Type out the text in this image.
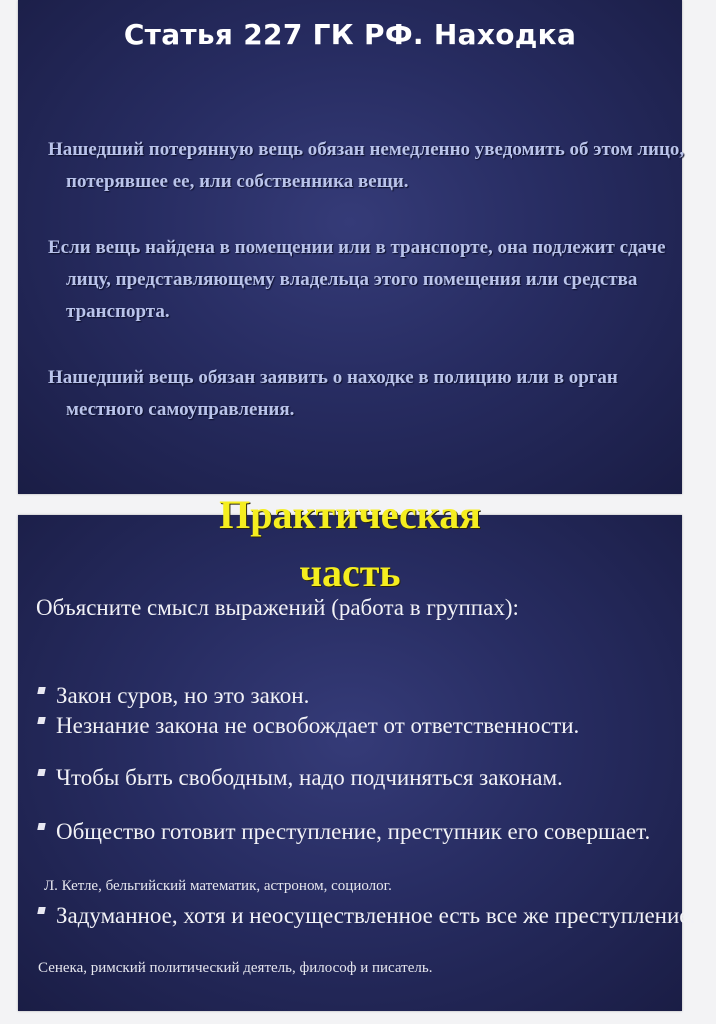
Статья 227 ГК РФ. Находка

Нашедший потерянную вещь обязан немедленно уведомить об этом лицо, потерявшее ее, или собственника вещи.

Если вещь найдена в помещении или в транспорте, она подлежит сдаче лицу, представляющему владельца этого помещения или средства транспорта.

Нашедший вещь обязан заявить о находке в полицию или в орган местного самоуправления.

Практическая
часть

Объясните смысл выражений (работа в группах):

Закон суров, но это закон.

Незнание закона не освобождает от ответственности.

Чтобы быть свободным, надо подчиняться законам.

Общество готовит преступление, преступник его совершает.

Л. Кетле, бельгийский математик, астроном, социолог.

Задуманное, хотя и неосуществленное есть все же преступление.

Сенека, римский политический деятель, философ и писатель.
